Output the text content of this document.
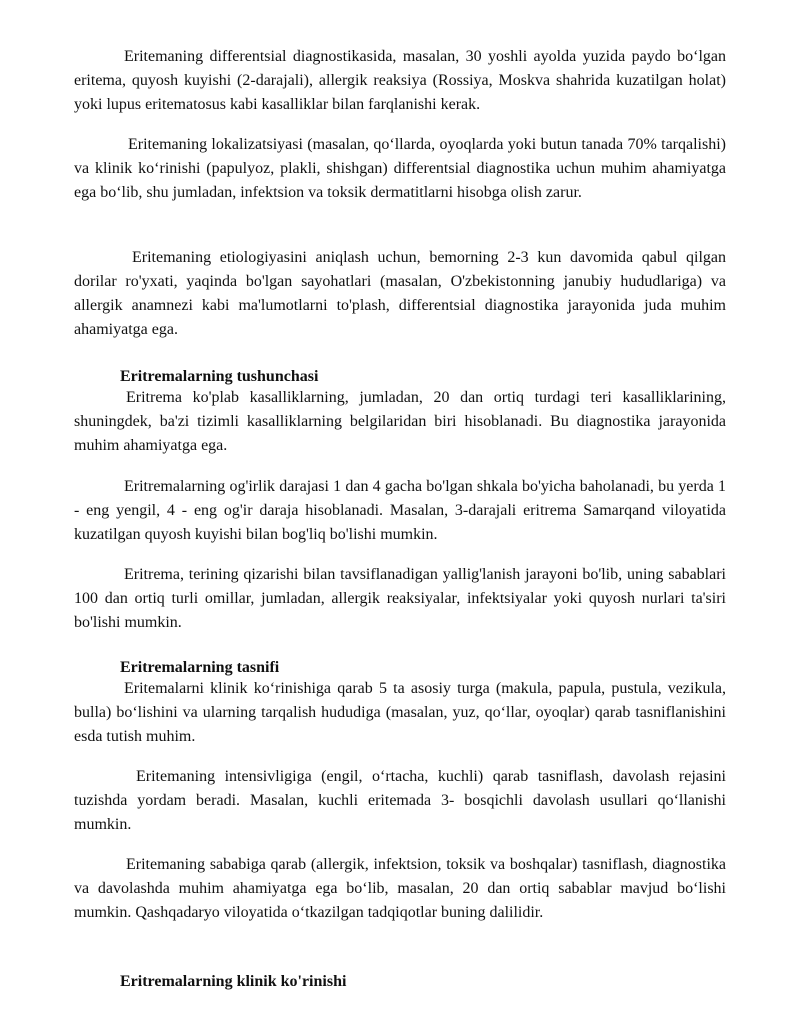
Eritemaning differentsial diagnostikasida, masalan, 30 yoshli ayolda yuzida paydo bo‘lgan eritema, quyosh kuyishi (2-darajali), allergik reaksiya (Rossiya, Moskva shahrida kuzatilgan holat) yoki lupus eritematosus kabi kasalliklar bilan farqlanishi kerak.

Eritemaning lokalizatsiyasi (masalan, qo‘llarda, oyoqlarda yoki butun tanada 70% tarqalishi) va klinik ko‘rinishi (papulyoz, plakli, shishgan) differentsial diagnostika uchun muhim ahamiyatga ega bo‘lib, shu jumladan, infektsion va toksik dermatitlarni hisobga olish zarur.

Eritemaning etiologiyasini aniqlash uchun, bemorning 2-3 kun davomida qabul qilgan dorilar ro'yxati, yaqinda bo'lgan sayohatlari (masalan, O'zbekistonning janubiy hududlariga) va allergik anamnezi kabi ma'lumotlarni to'plash, differentsial diagnostika jarayonida juda muhim ahamiyatga ega.

Eritremalarning tushunchasi

Eritrema ko'plab kasalliklarning, jumladan, 20 dan ortiq turdagi teri kasalliklarining, shuningdek, ba'zi tizimli kasalliklarning belgilaridan biri hisoblanadi. Bu diagnostika jarayonida muhim ahamiyatga ega.

Eritremalarning og'irlik darajasi 1 dan 4 gacha bo'lgan shkala bo'yicha baholanadi, bu yerda 1 - eng yengil, 4 - eng og'ir daraja hisoblanadi. Masalan, 3-darajali eritrema Samarqand viloyatida kuzatilgan quyosh kuyishi bilan bog'liq bo'lishi mumkin.

Eritrema, terining qizarishi bilan tavsiflanadigan yallig'lanish jarayoni bo'lib, uning sabablari 100 dan ortiq turli omillar, jumladan, allergik reaksiyalar, infektsiyalar yoki quyosh nurlari ta'siri bo'lishi mumkin.

Eritremalarning tasnifi

Eritemalarni klinik ko‘rinishiga qarab 5 ta asosiy turga (makula, papula, pustula, vezikula, bulla) bo‘lishini va ularning tarqalish hududiga (masalan, yuz, qo‘llar, oyoqlar) qarab tasniflanishini esda tutish muhim.

Eritemaning intensivligiga (engil, o‘rtacha, kuchli) qarab tasniflash, davolash rejasini tuzishda yordam beradi. Masalan, kuchli eritemada 3- bosqichli davolash usullari qo‘llanishi mumkin.

Eritemaning sababiga qarab (allergik, infektsion, toksik va boshqalar) tasniflash, diagnostika va davolashda muhim ahamiyatga ega bo‘lib, masalan, 20 dan ortiq sabablar mavjud bo‘lishi mumkin. Qashqadaryo viloyatida o‘tkazilgan tadqiqotlar buning dalilidir.

Eritremalarning klinik ko'rinishi
